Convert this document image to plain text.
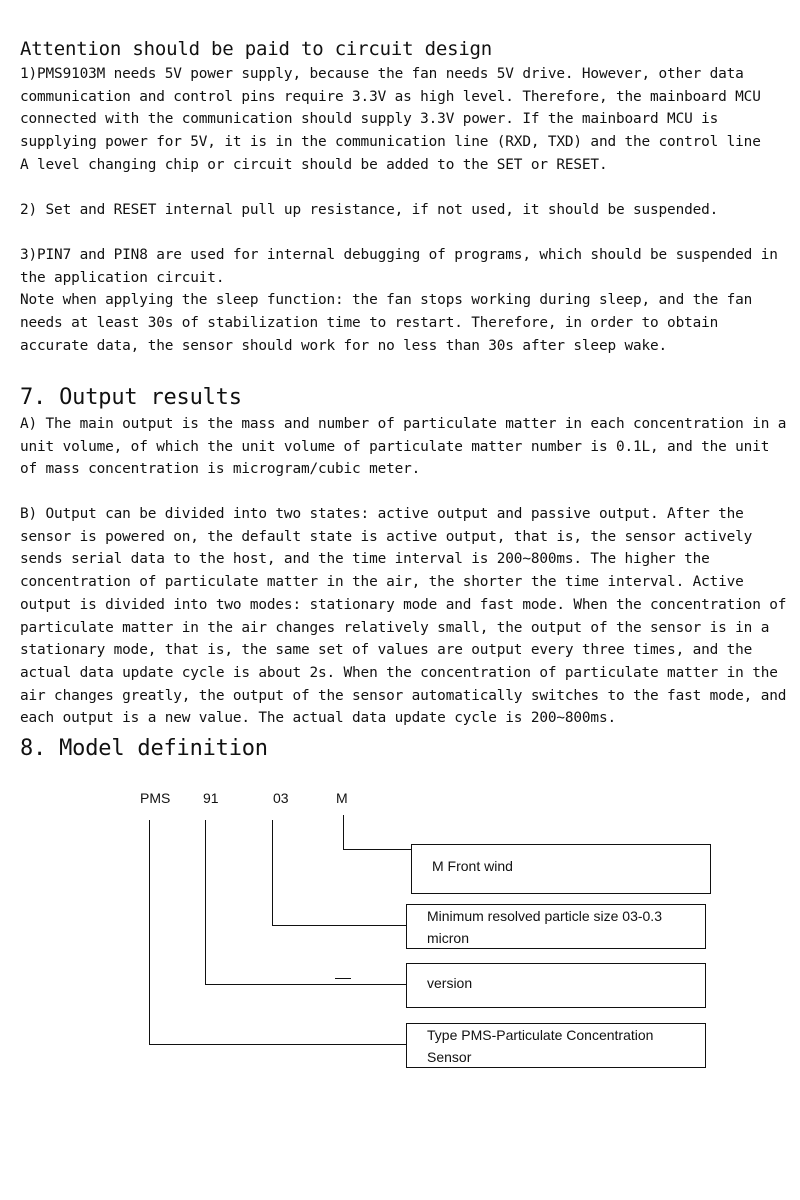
Attention should be paid to circuit design
1)PMS9103M needs 5V power supply, because the fan needs 5V drive. However, other data
communication and control pins require 3.3V as high level. Therefore, the mainboard MCU
connected with the communication should supply 3.3V power. If the mainboard MCU is
supplying power for 5V, it is in the communication line (RXD, TXD) and the control line
A level changing chip or circuit should be added to the SET or RESET.
2) Set and RESET internal pull up resistance, if not used, it should be suspended.
3)PIN7 and PIN8 are used for internal debugging of programs, which should be suspended in
the application circuit.
Note when applying the sleep function: the fan stops working during sleep, and the fan
needs at least 30s of stabilization time to restart. Therefore, in order to obtain
accurate data, the sensor should work for no less than 30s after sleep wake.
7. Output results
A) The main output is the mass and number of particulate matter in each concentration in a
unit volume, of which the unit volume of particulate matter number is 0.1L, and the unit
of mass concentration is microgram/cubic meter.
B) Output can be divided into two states: active output and passive output. After the
sensor is powered on, the default state is active output, that is, the sensor actively
sends serial data to the host, and the time interval is 200~800ms. The higher the
concentration of particulate matter in the air, the shorter the time interval. Active
output is divided into two modes: stationary mode and fast mode. When the concentration of
particulate matter in the air changes relatively small, the output of the sensor is in a
stationary mode, that is, the same set of values are output every three times, and the
actual data update cycle is about 2s. When the concentration of particulate matter in the
air changes greatly, the output of the sensor automatically switches to the fast mode, and
each output is a new value. The actual data update cycle is 200~800ms.
8. Model definition
PMS 91	03	M
M Front wind
Minimum resolved particle size 03-0.3
micron
version
Type PMS-Particulate Concentration
Sensor
